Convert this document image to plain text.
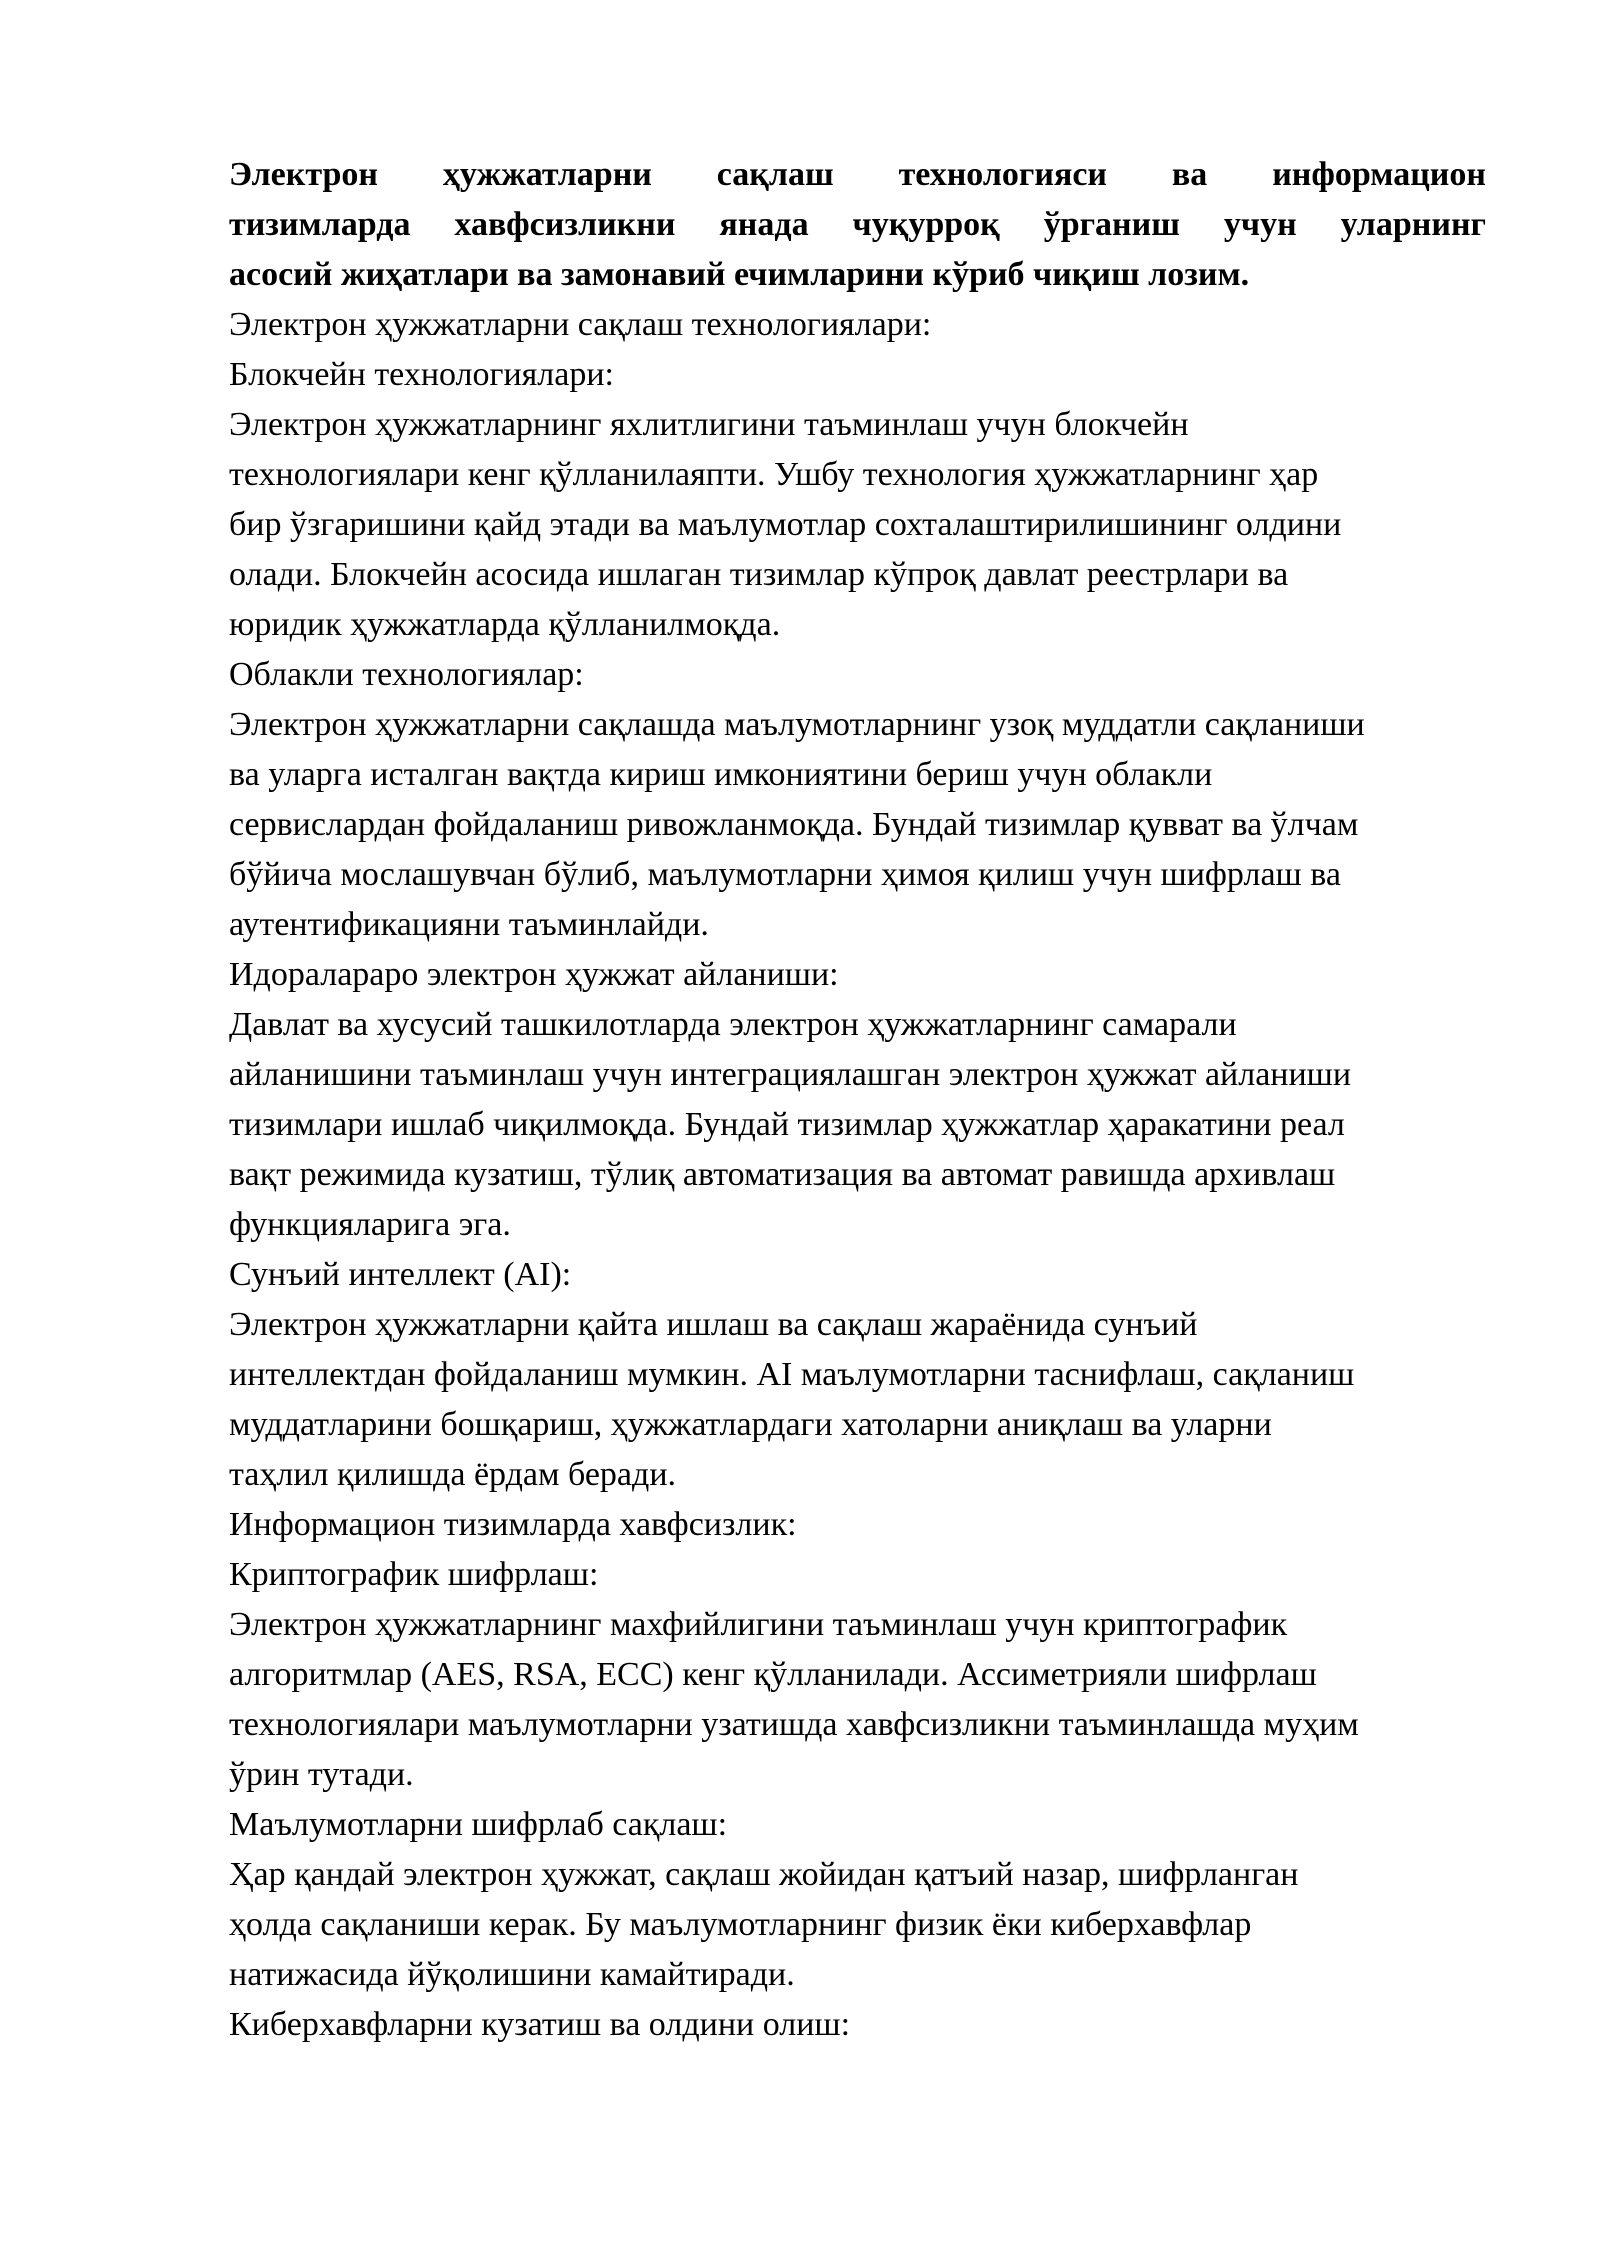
Электрон ҳужжатларни сақлаш технологияси ва информацион
тизимларда хавфсизликни янада чуқурроқ ўрганиш учун уларнинг
асосий жиҳатлари ва замонавий ечимларини кўриб чиқиш лозим.
Электрон ҳужжатларни сақлаш технологиялари:
Блокчейн технологиялари:
Электрон ҳужжатларнинг яхлитлигини таъминлаш учун блокчейн
технологиялари кенг қўлланилаяпти. Ушбу технология ҳужжатларнинг ҳар
бир ўзгаришини қайд этади ва маълумотлар сохталаштирилишининг олдини
олади. Блокчейн асосида ишлаган тизимлар кўпроқ давлат реестрлари ва
юридик ҳужжатларда қўлланилмоқда.
Облакли технологиялар:
Электрон ҳужжатларни сақлашда маълумотларнинг узоқ муддатли сақланиши
ва уларга исталган вақтда кириш имкониятини бериш учун облакли
сервислардан фойдаланиш ривожланмоқда. Бундай тизимлар қувват ва ўлчам
бўйича мослашувчан бўлиб, маълумотларни ҳимоя қилиш учун шифрлаш ва
аутентификацияни таъминлайди.
Идоралараро электрон ҳужжат айланиши:
Давлат ва хусусий ташкилотларда электрон ҳужжатларнинг самарали
айланишини таъминлаш учун интеграциялашган электрон ҳужжат айланиши
тизимлари ишлаб чиқилмоқда. Бундай тизимлар ҳужжатлар ҳаракатини реал
вақт режимида кузатиш, тўлиқ автоматизация ва автомат равишда архивлаш
функцияларига эга.
Сунъий интеллект (AI):
Электрон ҳужжатларни қайта ишлаш ва сақлаш жараёнида сунъий
интеллектдан фойдаланиш мумкин. AI маълумотларни таснифлаш, сақланиш
муддатларини бошқариш, ҳужжатлардаги хатоларни аниқлаш ва уларни
таҳлил қилишда ёрдам беради.
Информацион тизимларда хавфсизлик:
Криптографик шифрлаш:
Электрон ҳужжатларнинг махфийлигини таъминлаш учун криптографик
алгоритмлар (AES, RSA, ECC) кенг қўлланилади. Ассиметрияли шифрлаш
технологиялари маълумотларни узатишда хавфсизликни таъминлашда муҳим
ўрин тутади.
Маълумотларни шифрлаб сақлаш:
Ҳар қандай электрон ҳужжат, сақлаш жойидан қатъий назар, шифрланган
ҳолда сақланиши керак. Бу маълумотларнинг физик ёки киберхавфлар
натижасида йўқолишини камайтиради.
Киберхавфларни кузатиш ва олдини олиш:
